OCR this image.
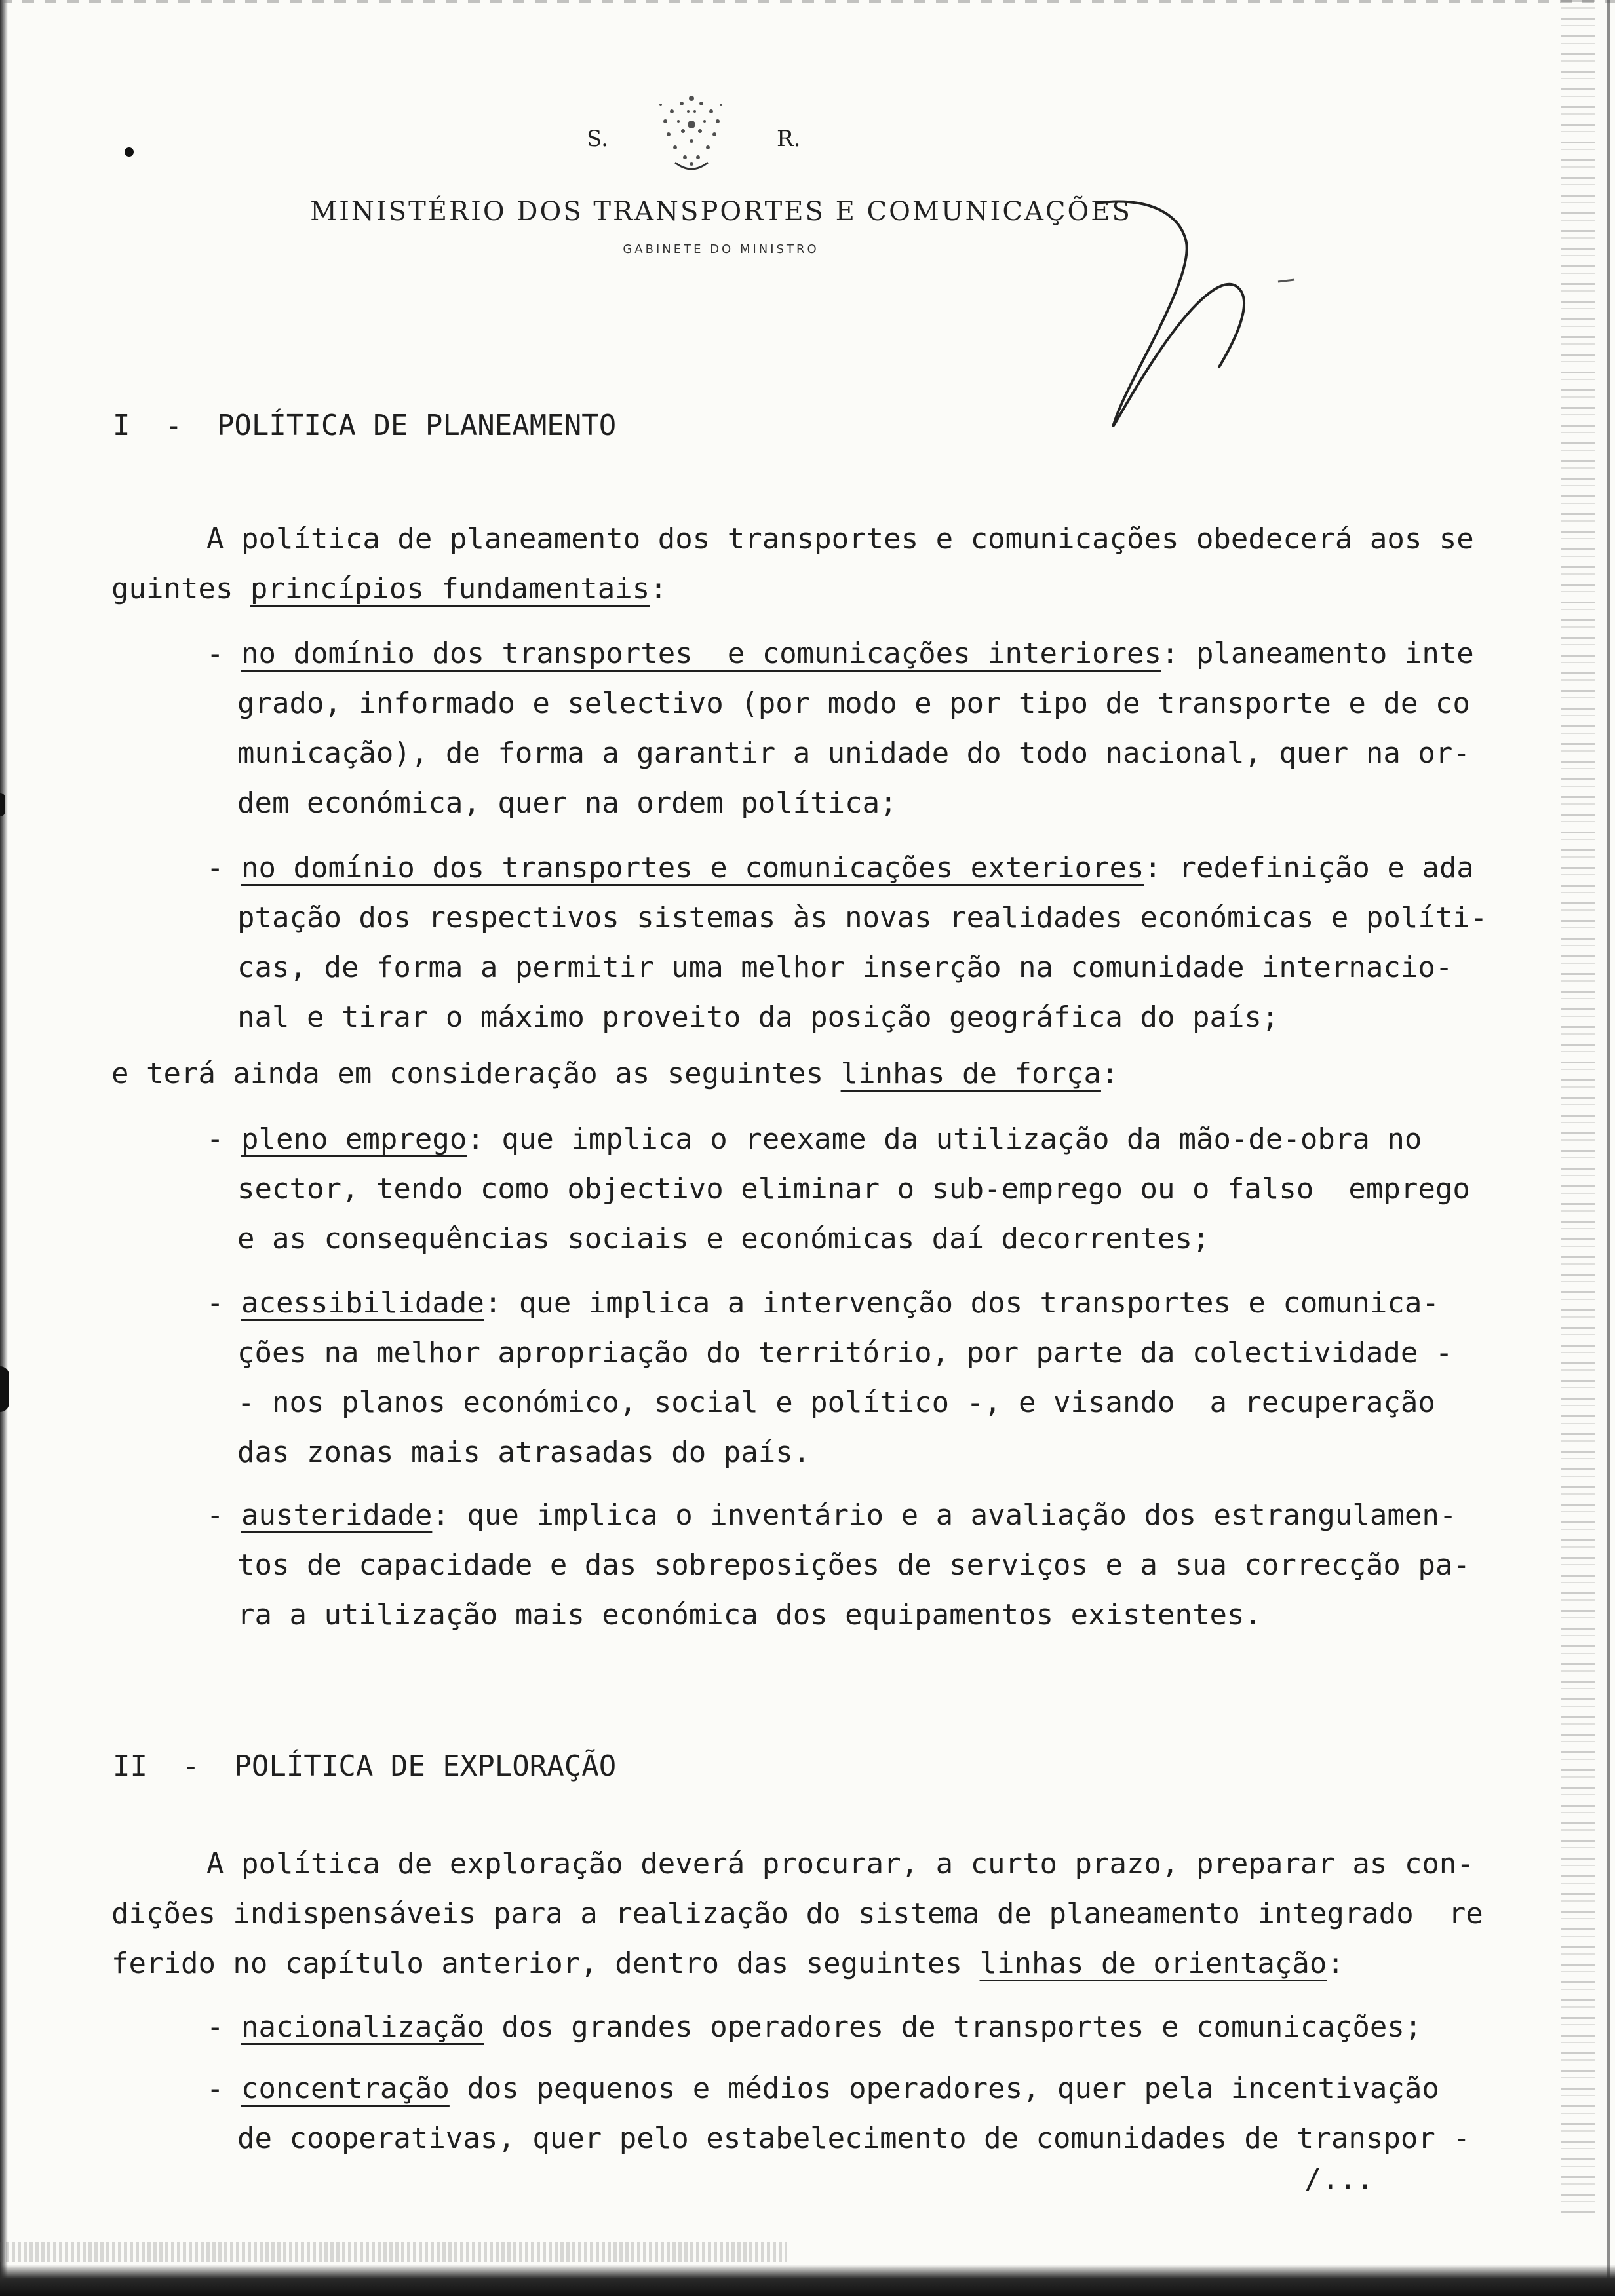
S.	R.
MINISTÉRIO DOS TRANSPORTES E COMUNICAÇÕES
GABINETE DO MINISTRO
I  -  POLÍTICA DE PLANEAMENTO
A política de planeamento dos transportes e comunicações obedecerá aos se
guintes princípios fundamentais:
- no domínio dos transportes  e comunicações interiores: planeamento inte
grado, informado e selectivo (por modo e por tipo de transporte e de co
municação), de forma a garantir a unidade do todo nacional, quer na or-
dem económica, quer na ordem política;
- no domínio dos transportes e comunicações exteriores: redefinição e ada
ptação dos respectivos sistemas às novas realidades económicas e políti-
cas, de forma a permitir uma melhor inserção na comunidade internacio-
nal e tirar o máximo proveito da posição geográfica do país;
e terá ainda em consideração as seguintes linhas de força:
- pleno emprego: que implica o reexame da utilização da mão-de-obra no
sector, tendo como objectivo eliminar o sub-emprego ou o falso  emprego
e as consequências sociais e económicas daí decorrentes;
- acessibilidade: que implica a intervenção dos transportes e comunica-
ções na melhor apropriação do território, por parte da colectividade -
- nos planos económico, social e político -, e visando  a recuperação
das zonas mais atrasadas do país.
- austeridade: que implica o inventário e a avaliação dos estrangulamen-
tos de capacidade e das sobreposições de serviços e a sua correcção pa-
ra a utilização mais económica dos equipamentos existentes.
II  -  POLÍTICA DE EXPLORAÇÃO
A política de exploração deverá procurar, a curto prazo, preparar as con-
dições indispensáveis para a realização do sistema de planeamento integrado  re
ferido no capítulo anterior, dentro das seguintes linhas de orientação:
- nacionalização dos grandes operadores de transportes e comunicações;
- concentração dos pequenos e médios operadores, quer pela incentivação
de cooperativas, quer pelo estabelecimento de comunidades de transpor -
/...
